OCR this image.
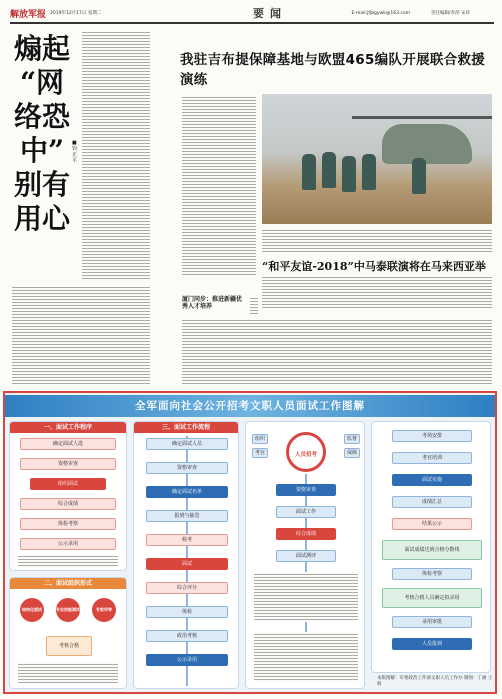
解放军报 2019年12月17日 星期二	要闻	E-mail:jfjbgywk@163.com	责任编辑/李萍 宋祥
煽起
“网
络恐
中”
别有
用心
■钧正平
我驻吉布提保障基地与欧盟465编队开展联合救援演练
“和平友谊-2018”中马泰联演将在马来西亚举
厦门同步：推进新疆优秀人才培养
全军面向社会公开招考文职人员面试工作图解
一、面试工作程序
确定面试人选
资格审查
组织面试
综合成绩
体检考察
公示录用
二、面试组织形式
结构化面试	专业技能测试	专家评审
考核合格
三、面试工作流程
确定面试人员
资格审查
确定面试名单
报到与抽签
候考
面试
综合评分
体检
政治考核
公示录用
组织
考官
监督
保障
人员招考
资格审查
面试工作
综合成绩
面试测评
考场安排
考官培训
面试实施
成绩汇总
结果公示
面试成绩达到合格分数线
体检考察
考核合格人员确定拟录用
录用审批
人员报到
本版图解：军委政治工作部文职人员工作办 制图：丁涵 王萌
